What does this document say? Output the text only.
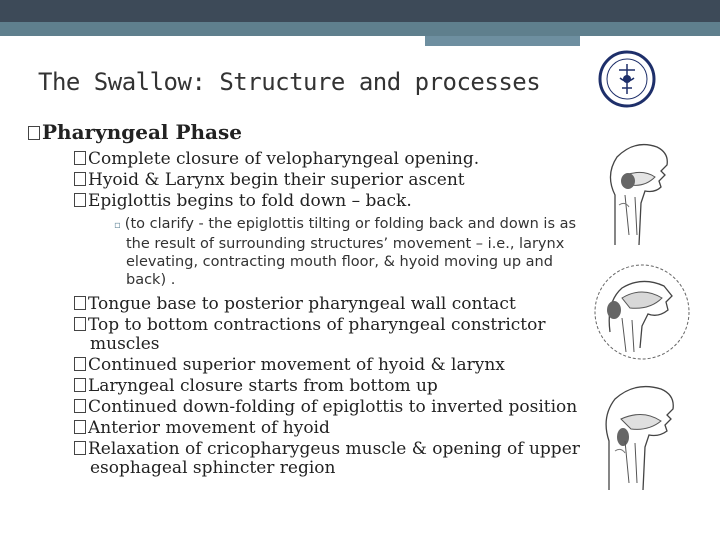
The Swallow: Structure and processes
Pharyngeal Phase
Complete closure of velopharyngeal opening.
Hyoid & Larynx begin their superior ascent
Epiglottis begins to fold down – back.
▫ (to clarify - the epiglottis tilting or folding back and down is as the result of surrounding structures’ movement – i.e., larynx elevating, contracting mouth floor, & hyoid moving up and back) .
Tongue base to posterior pharyngeal wall contact
Top to bottom contractions of pharyngeal constrictor muscles
Continued superior movement of hyoid & larynx
Laryngeal closure starts from bottom up
Continued down-folding of epiglottis to inverted position
Anterior movement of hyoid
Relaxation of cricopharygeus muscle & opening of upper esophageal sphincter region
